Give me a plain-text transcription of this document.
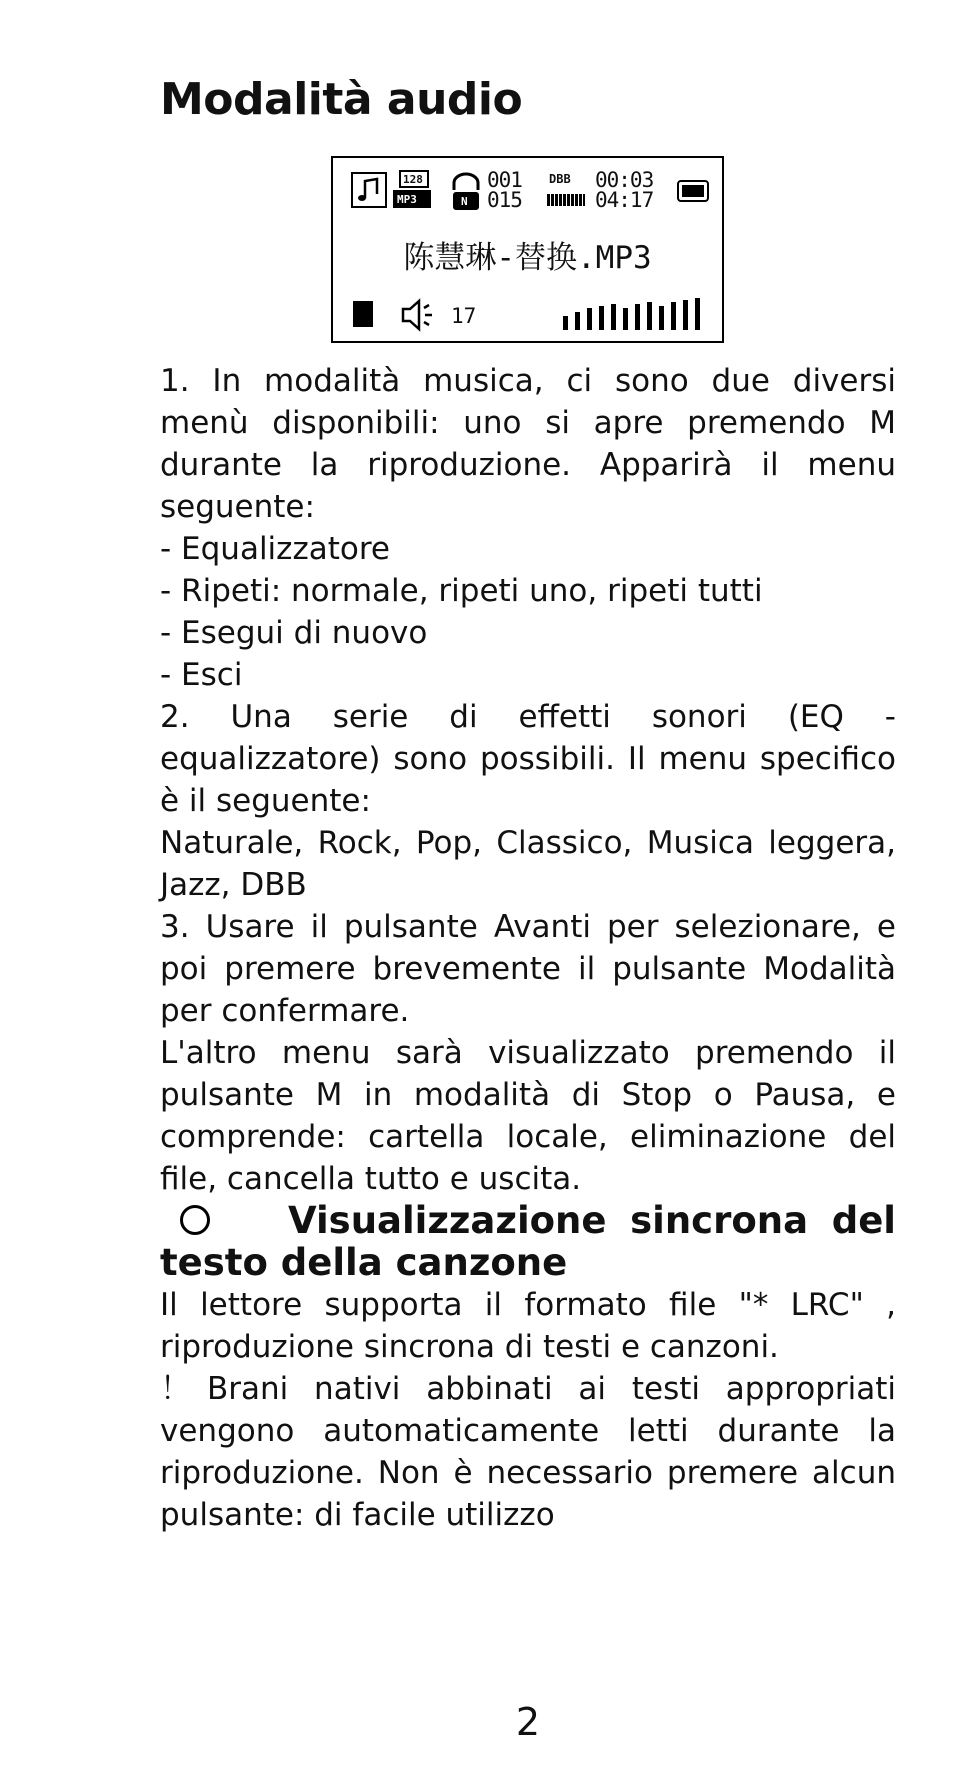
Modalità audio
128
MP3	N
001
015
DBB 00:03
04:17
陈慧琳-替换.MP3
17

1. In modalità musica, ci sono due diversi menù disponibili: uno si apre premendo M durante la riproduzione. Apparirà il menu seguente:

- Equalizzatore

- Ripeti: normale, ripeti uno, ripeti tutti

- Esegui di nuovo

- Esci

2. Una serie di effetti sonori (EQ - equalizzatore) sono possibili. Il menu specifico è il seguente:

Naturale, Rock, Pop, Classico, Musica leggera, Jazz, DBB

3. Usare il pulsante Avanti per selezionare, e poi premere brevemente il pulsante Modalità per confermare.

L'altro menu sarà visualizzato premendo il pulsante M in modalità di Stop o Pausa, e comprende: cartella locale, eliminazione del file, cancella tutto e uscita.

Visualizzazione sincrona del testo della canzone

Il lettore supporta il formato file "* LRC" , riproduzione sincrona di testi e canzoni.

！Brani nativi abbinati ai testi appropriati vengono automaticamente letti durante la riproduzione. Non è necessario premere alcun pulsante: di facile utilizzo

2
